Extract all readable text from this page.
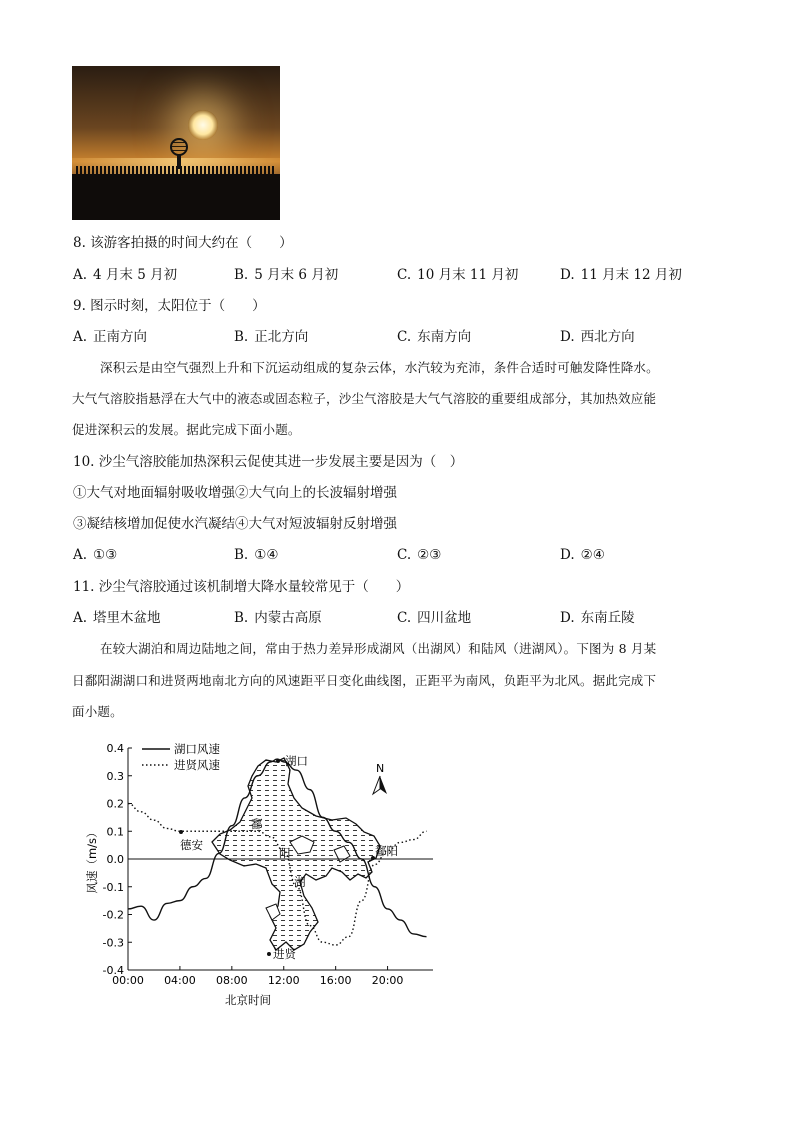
8. 该游客拍摄的时间大约在（　　）
A. 4 月末 5 月初	B. 5 月末 6 月初	C. 10 月末 11 月初	D. 11 月末 12 月初
9. 图示时刻，太阳位于（　　）
A. 正南方向	B. 正北方向	C. 东南方向	D. 西北方向
深积云是由空气强烈上升和下沉运动组成的复杂云体，水汽较为充沛，条件合适时可触发降性降水。
大气气溶胶指悬浮在大气中的液态或固态粒子，沙尘气溶胶是大气气溶胶的重要组成部分，其加热效应能
促进深积云的发展。据此完成下面小题。
10. 沙尘气溶胶能加热深积云促使其进一步发展主要是因为（　）
①大气对地面辐射吸收增强②大气向上的长波辐射增强
③凝结核增加促使水汽凝结④大气对短波辐射反射增强
A. ①③	B. ①④	C. ②③	D. ②④
11. 沙尘气溶胶通过该机制增大降水量较常见于（　　）
A. 塔里木盆地	B. 内蒙古高原	C. 四川盆地	D. 东南丘陵
在较大湖泊和周边陆地之间，常由于热力差异形成湖风（出湖风）和陆风（进湖风）。下图为 8 月某
日鄱阳湖湖口和进贤两地南北方向的风速距平日变化曲线图，正距平为南风，负距平为北风。据此完成下
面小题。
0.4
0.3
0.2
0.1
0.0
-0.1
-0.2
-0.3
-0.4
00:00 04:00 08:00 12:00 16:00 20:00
湖口风速
进贤风速	湖口
德安	鄱阳
进贤
鄱
阳
湖
N
北京时间
风速（m/s）
